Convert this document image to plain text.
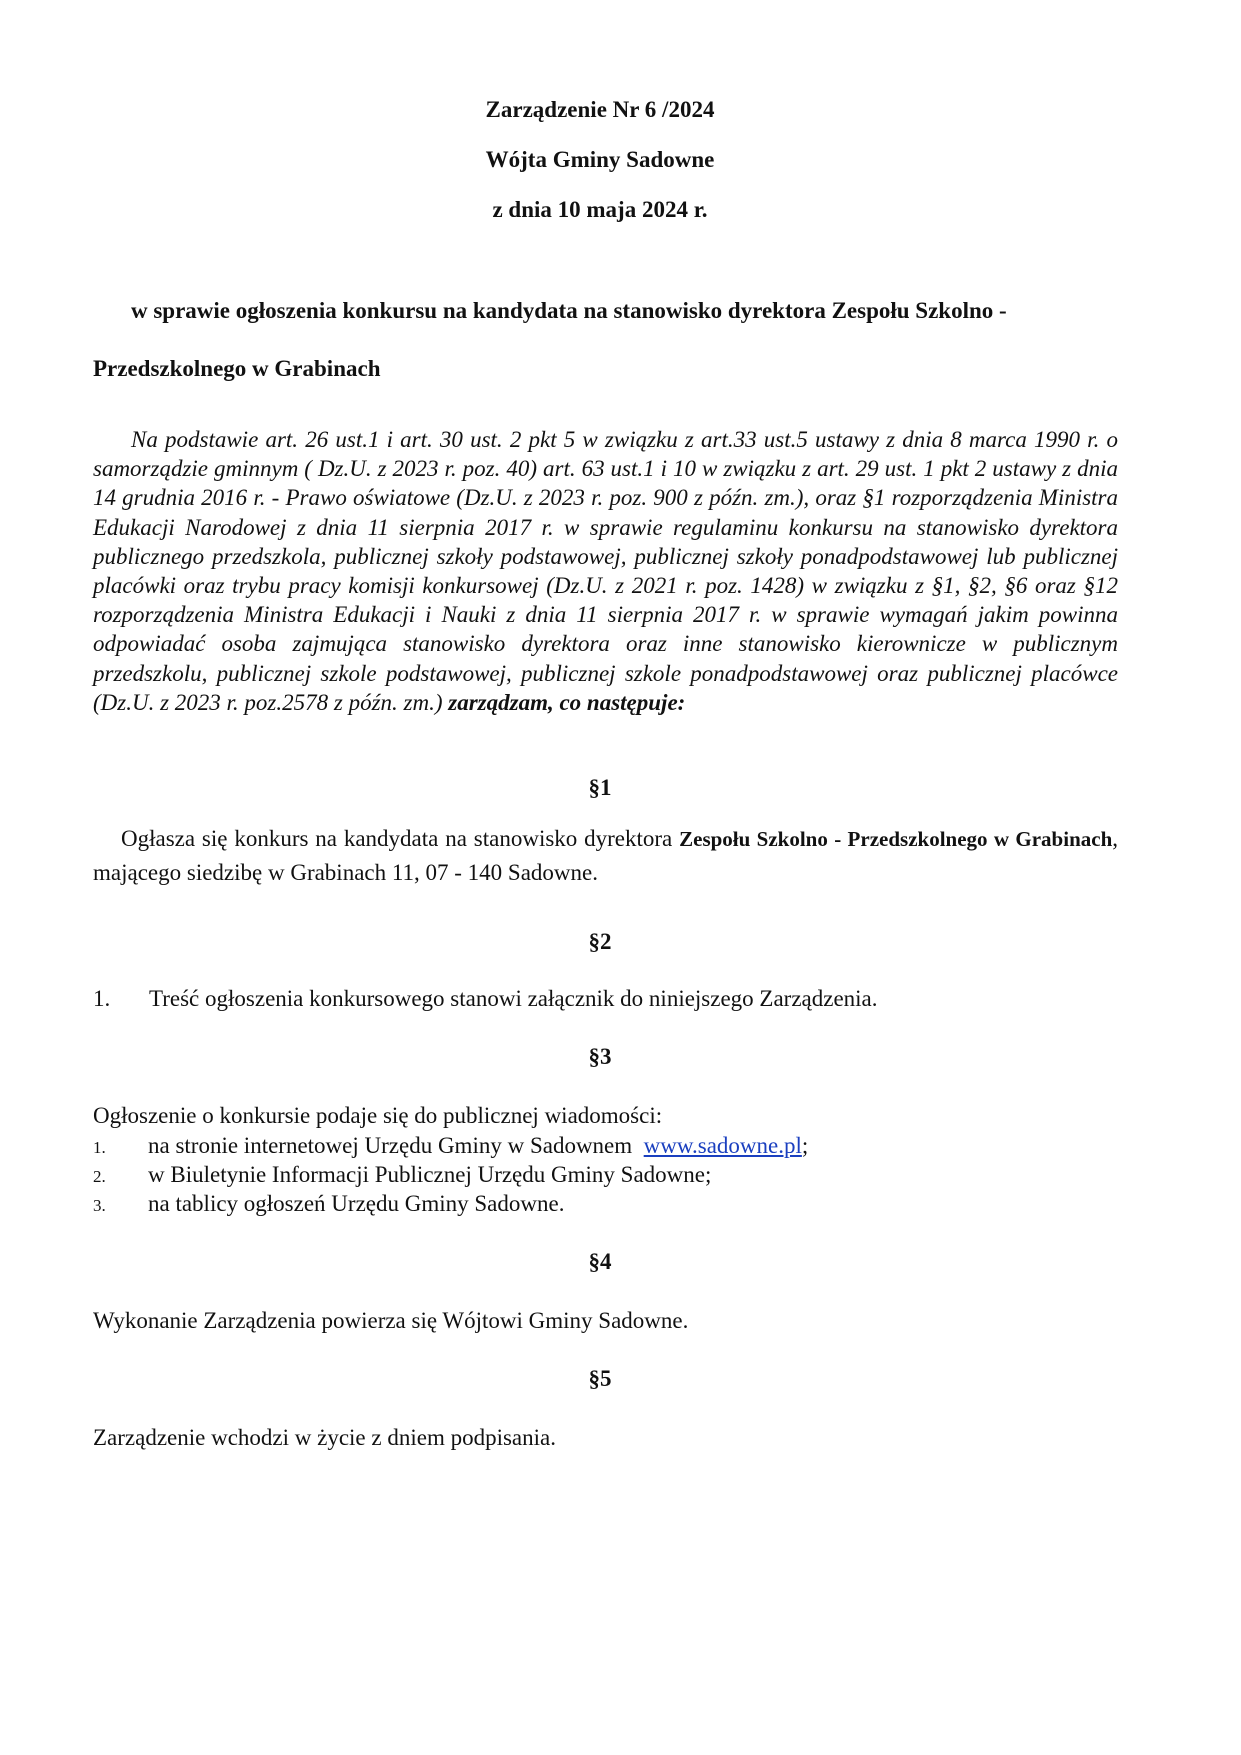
Zarządzenie Nr 6 /2024
Wójta Gminy Sadowne
z dnia 10 maja 2024 r.
w sprawie ogłoszenia konkursu na kandydata na stanowisko dyrektora Zespołu Szkolno - Przedszkolnego w Grabinach
Na podstawie art. 26 ust.1 i art. 30 ust. 2 pkt 5 w związku z art.33 ust.5 ustawy z dnia 8 marca 1990 r. o samorządzie gminnym ( Dz.U. z 2023 r. poz. 40) art. 63 ust.1 i 10 w związku z art. 29 ust. 1 pkt 2 ustawy z dnia 14 grudnia 2016 r. - Prawo oświatowe (Dz.U. z 2023 r. poz. 900 z późn. zm.), oraz §1 rozporządzenia Ministra Edukacji Narodowej z dnia 11 sierpnia 2017 r. w sprawie regulaminu konkursu na stanowisko dyrektora publicznego przedszkola, publicznej szkoły podstawowej, publicznej szkoły ponadpodstawowej lub publicznej placówki oraz trybu pracy komisji konkursowej (Dz.U. z 2021 r. poz. 1428) w związku z §1, §2, §6 oraz §12 rozporządzenia Ministra Edukacji i Nauki z dnia 11 sierpnia 2017 r. w sprawie wymagań jakim powinna odpowiadać osoba zajmująca stanowisko dyrektora oraz inne stanowisko kierownicze w publicznym przedszkolu, publicznej szkole podstawowej, publicznej szkole ponadpodstawowej oraz publicznej placówce (Dz.U. z 2023 r. poz.2578 z późn. zm.) zarządzam, co następuje:
§1
Ogłasza się konkurs na kandydata na stanowisko dyrektora Zespołu Szkolno - Przedszkolnego w Grabinach, mającego siedzibę w Grabinach 11, 07 - 140 Sadowne.
§2
1. Treść ogłoszenia konkursowego stanowi załącznik do niniejszego Zarządzenia.
§3
Ogłoszenie o konkursie podaje się do publicznej wiadomości:
1. na stronie internetowej Urzędu Gminy w Sadownem www.sadowne.pl;
2. w Biuletynie Informacji Publicznej Urzędu Gminy Sadowne;
3. na tablicy ogłoszeń Urzędu Gminy Sadowne.
§4
Wykonanie Zarządzenia powierza się Wójtowi Gminy Sadowne.
§5
Zarządzenie wchodzi w życie z dniem podpisania.
